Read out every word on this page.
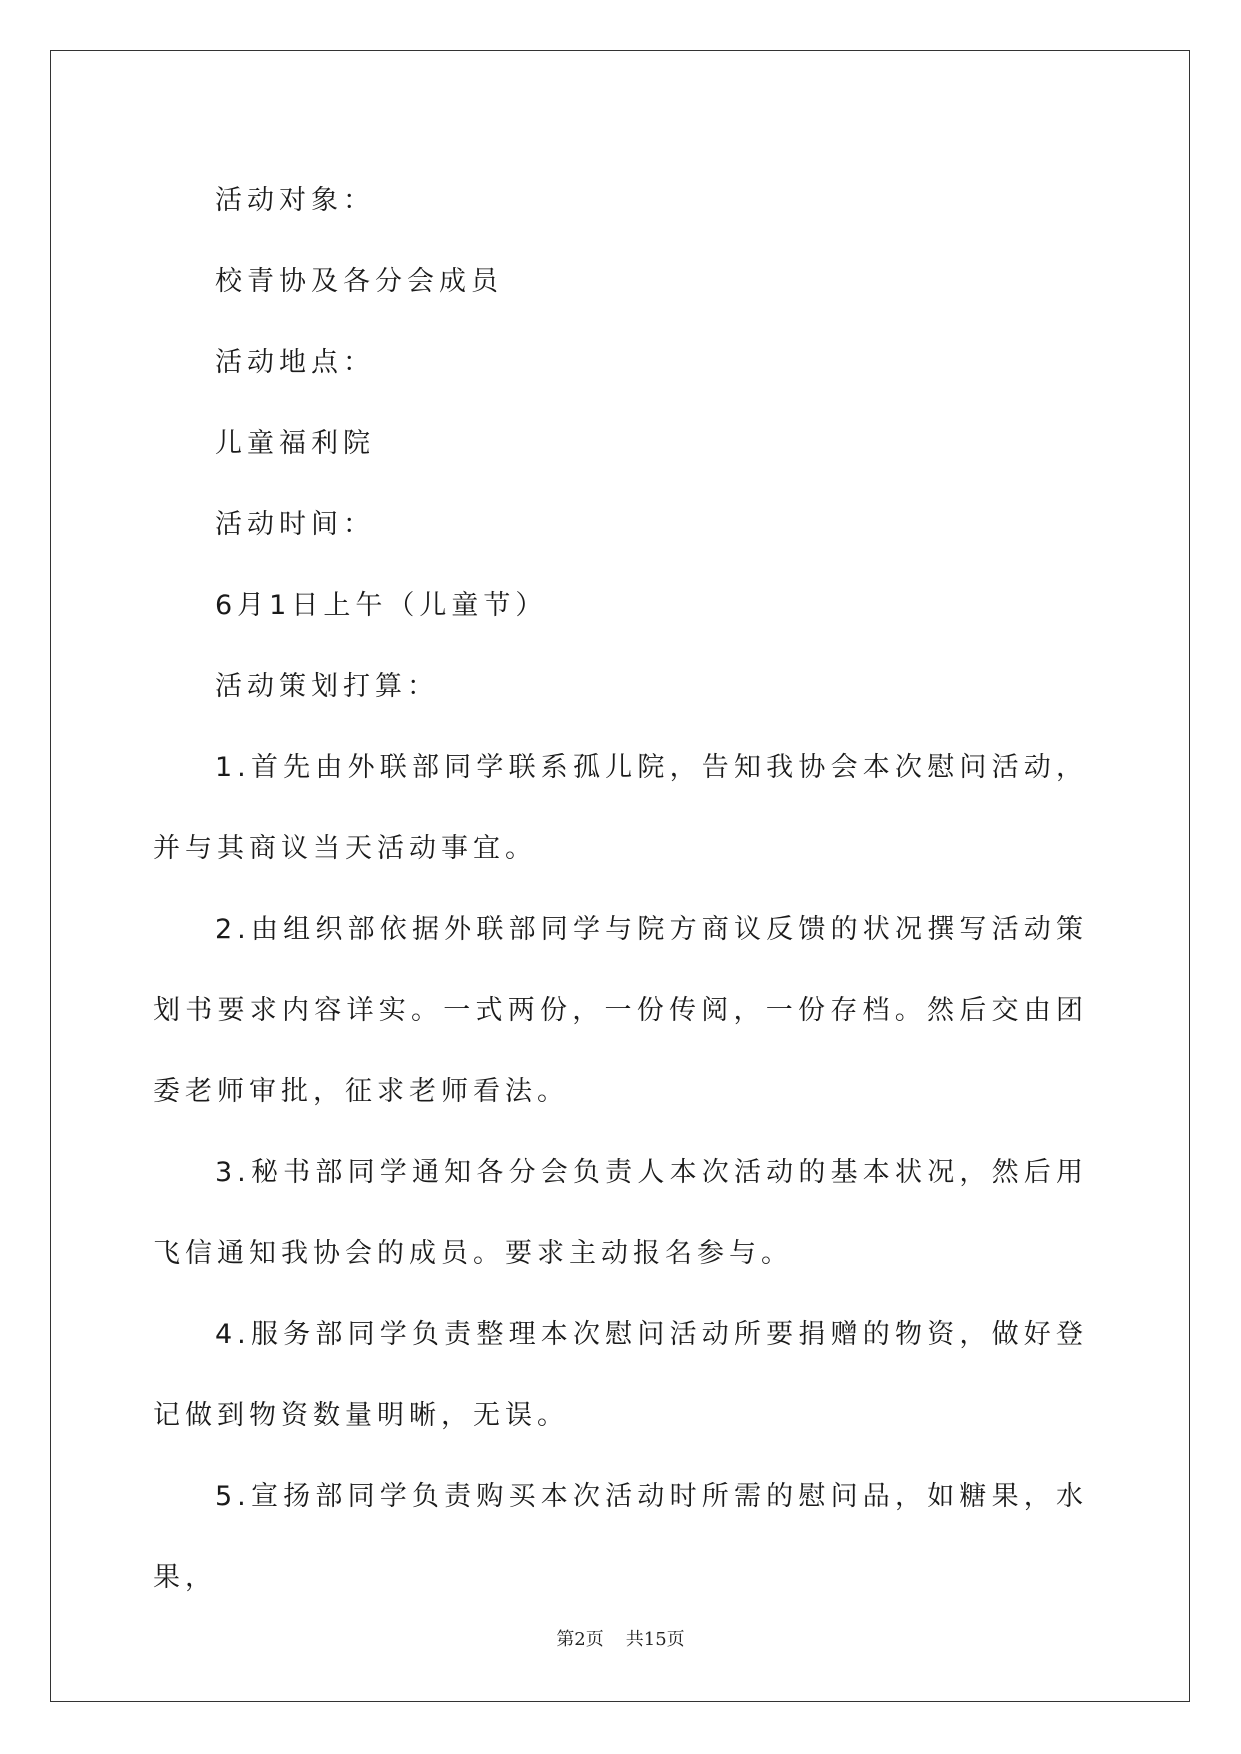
活动对象：

校青协及各分会成员

活动地点：

儿童福利院

活动时间：

6月1日上午（儿童节）

活动策划打算：

1.首先由外联部同学联系孤儿院，告知我协会本次慰问活动，并与其商议当天活动事宜。

2.由组织部依据外联部同学与院方商议反馈的状况撰写活动策划书要求内容详实。一式两份，一份传阅，一份存档。然后交由团委老师审批，征求老师看法。

3.秘书部同学通知各分会负责人本次活动的基本状况，然后用飞信通知我协会的成员。要求主动报名参与。

4.服务部同学负责整理本次慰问活动所要捐赠的物资，做好登记做到物资数量明晰，无误。

5.宣扬部同学负责购买本次活动时所需的慰问品，如糖果，水果，

第2页 共15页
